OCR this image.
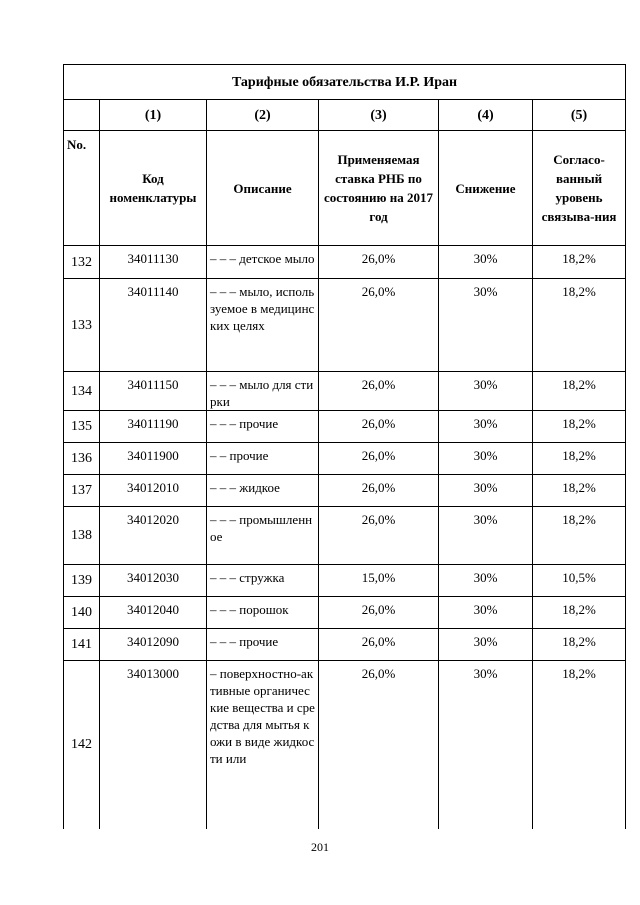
Тарифные обязательства И.Р. Иран					
	(1)	(2)	(3)	(4)	(5)
No.	Код номенклатуры	Описание	Применяемая ставка РНБ по состоянию на 2017 год	Снижение	Согласо-ванный уровень связыва-ния
132	34011130	– – – детское мыло	26,0%	30%	18,2%
133	34011140	– – – мыло, используемое в медицинских целях	26,0%	30%	18,2%
134	34011150	– – – мыло для стирки	26,0%	30%	18,2%
135	34011190	– – – прочие	26,0%	30%	18,2%
136	34011900	– – прочие	26,0%	30%	18,2%
137	34012010	– – – жидкое	26,0%	30%	18,2%
138	34012020	– – – промышленное	26,0%	30%	18,2%
139	34012030	– – – стружка	15,0%	30%	10,5%
140	34012040	– – – порошок	26,0%	30%	18,2%
141	34012090	– – – прочие	26,0%	30%	18,2%
142	34013000	– поверхностно-активные органические вещества и средства для мытья кожи в виде жидкости или	26,0%	30%	18,2%
201
